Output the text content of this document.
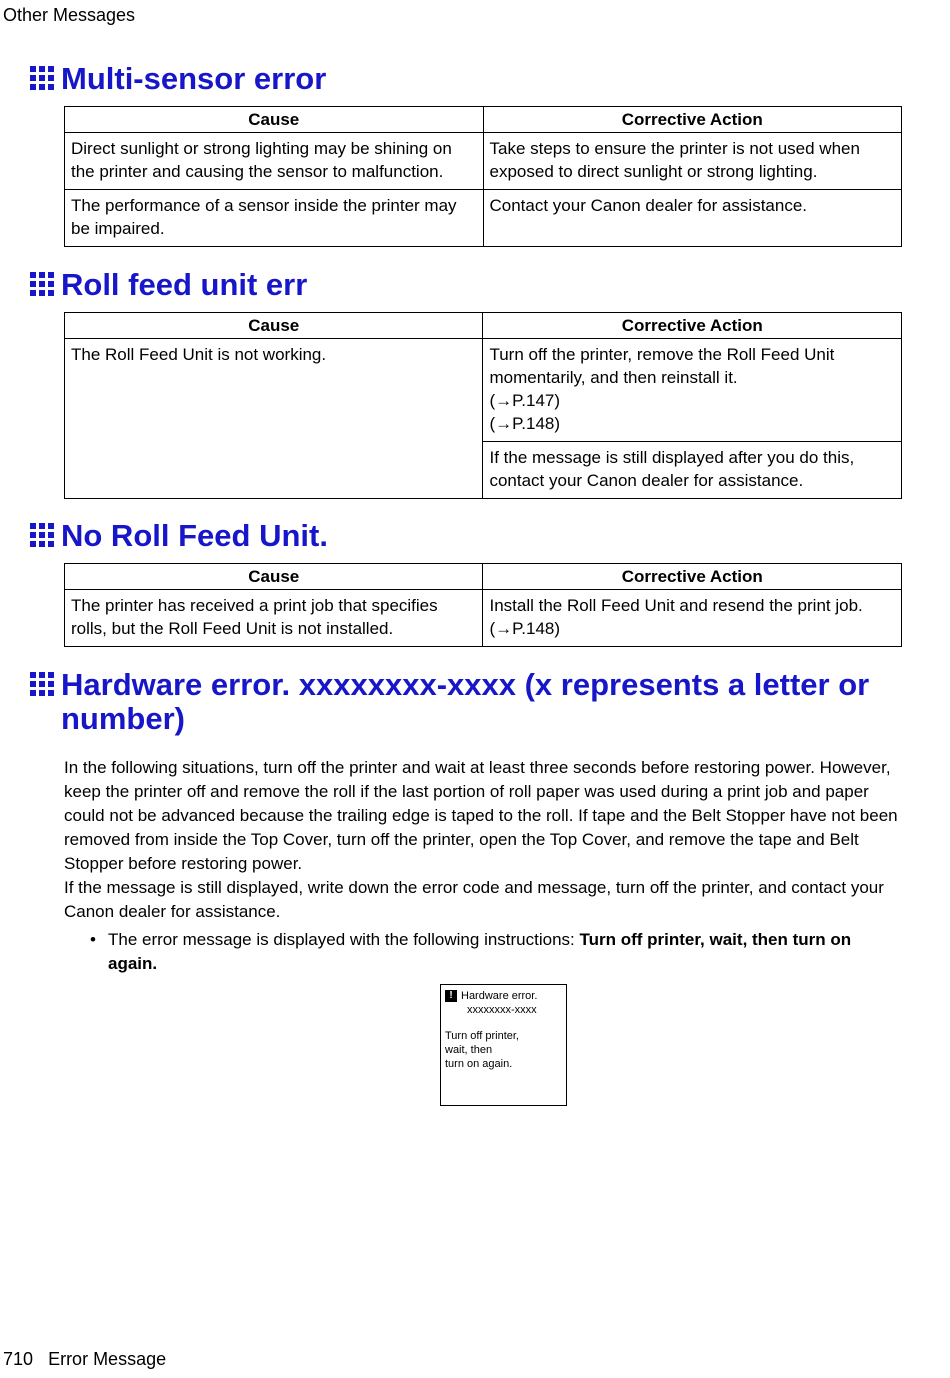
Other Messages
Multi-sensor error
Cause	Corrective Action
Direct sunlight or strong lighting may be shining on the printer and causing the sensor to malfunction.	Take steps to ensure the printer is not used when exposed to direct sunlight or strong lighting.
The performance of a sensor inside the printer may be impaired.	Contact your Canon dealer for assistance.
Roll feed unit err
Cause	Corrective Action
The Roll Feed Unit is not working.	Turn off the printer, remove the Roll Feed Unit momentarily, and then reinstall it.
(→P.147)
(→P.148)

	If the message is still displayed after you do this, contact your Canon dealer for assistance.
No Roll Feed Unit.
Cause	Corrective Action
The printer has received a print job that specifies rolls, but the Roll Feed Unit is not installed.	Install the Roll Feed Unit and resend the print job.
(→P.148)
Hardware error. xxxxxxxx-xxxx (x represents a letter or number)

In the following situations, turn off the printer and wait at least three seconds before restoring power. However, keep the printer off and remove the roll if the last portion of roll paper was used during a print job and paper could not be advanced because the trailing edge is taped to the roll. If tape and the Belt Stopper have not been removed from inside the Top Cover, turn off the printer, open the Top Cover, and remove the tape and Belt Stopper before restoring power.

If the message is still displayed, write down the error code and message, turn off the printer, and contact your Canon dealer for assistance.

• The error message is displayed with the following instructions: Turn off printer, wait, then turn on again.
! Hardware error.
xxxxxxxx-xxxx
Turn off printer,
wait, then
turn on again.
710 Error Message
